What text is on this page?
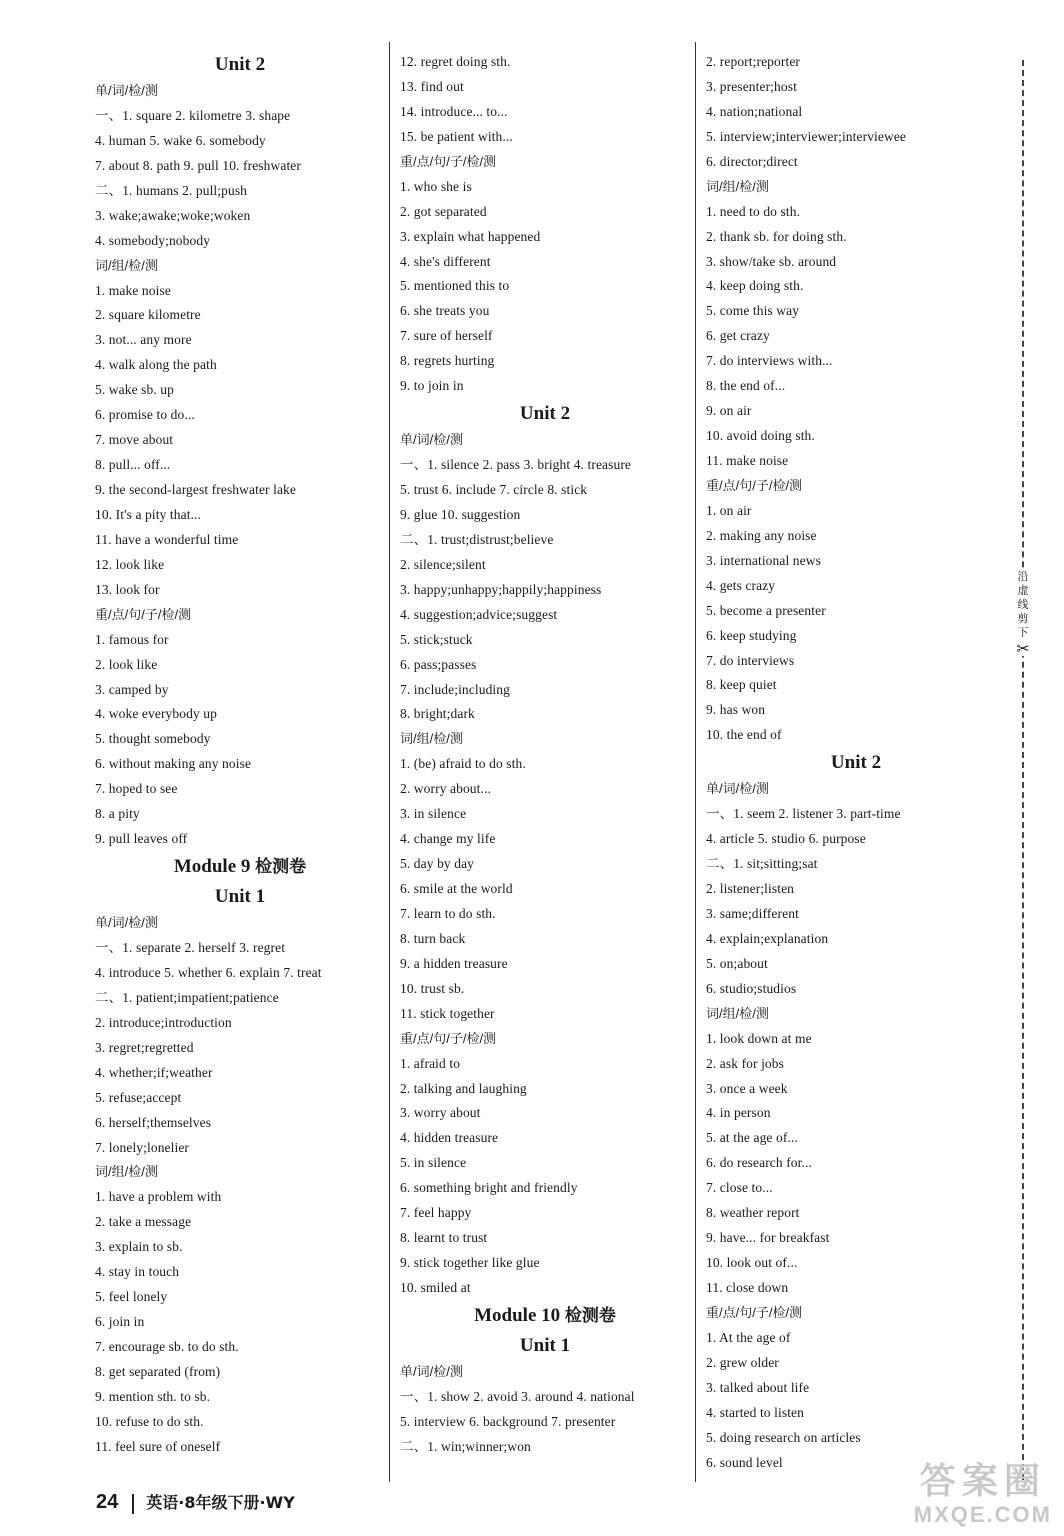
Unit 2
单/词/检/测
一、1. square 2. kilometre 3. shape
4. human 5. wake 6. somebody
7. about 8. path 9. pull 10. freshwater
二、1. humans 2. pull;push
3. wake;awake;woke;woken
4. somebody;nobody
词/组/检/测
1. make noise
2. square kilometre
3. not... any more
4. walk along the path
5. wake sb. up
6. promise to do...
7. move about
8. pull... off...
9. the second-largest freshwater lake
10. It's a pity that...
11. have a wonderful time
12. look like
13. look for
重/点/句/子/检/测
1. famous for
2. look like
3. camped by
4. woke everybody up
5. thought somebody
6. without making any noise
7. hoped to see
8. a pity
9. pull leaves off
Module 9 检测卷
Unit 1
单/词/检/测
一、1. separate 2. herself 3. regret
4. introduce 5. whether 6. explain 7. treat
二、1. patient;impatient;patience
2. introduce;introduction
3. regret;regretted
4. whether;if;weather
5. refuse;accept
6. herself;themselves
7. lonely;lonelier
词/组/检/测
1. have a problem with
2. take a message
3. explain to sb.
4. stay in touch
5. feel lonely
6. join in
7. encourage sb. to do sth.
8. get separated (from)
9. mention sth. to sb.
10. refuse to do sth.
11. feel sure of oneself
12. regret doing sth.
13. find out
14. introduce... to...
15. be patient with...
重/点/句/子/检/测
1. who she is
2. got separated
3. explain what happened
4. she's different
5. mentioned this to
6. she treats you
7. sure of herself
8. regrets hurting
9. to join in
Unit 2
单/词/检/测
一、1. silence 2. pass 3. bright 4. treasure
5. trust 6. include 7. circle 8. stick
9. glue 10. suggestion
二、1. trust;distrust;believe
2. silence;silent
3. happy;unhappy;happily;happiness
4. suggestion;advice;suggest
5. stick;stuck
6. pass;passes
7. include;including
8. bright;dark
词/组/检/测
1. (be) afraid to do sth.
2. worry about...
3. in silence
4. change my life
5. day by day
6. smile at the world
7. learn to do sth.
8. turn back
9. a hidden treasure
10. trust sb.
11. stick together
重/点/句/子/检/测
1. afraid to
2. talking and laughing
3. worry about
4. hidden treasure
5. in silence
6. something bright and friendly
7. feel happy
8. learnt to trust
9. stick together like glue
10. smiled at
Module 10 检测卷
Unit 1
单/词/检/测
一、1. show 2. avoid 3. around 4. national
5. interview 6. background 7. presenter
二、1. win;winner;won
2. report;reporter
3. presenter;host
4. nation;national
5. interview;interviewer;interviewee
6. director;direct
词/组/检/测
1. need to do sth.
2. thank sb. for doing sth.
3. show/take sb. around
4. keep doing sth.
5. come this way
6. get crazy
7. do interviews with...
8. the end of...
9. on air
10. avoid doing sth.
11. make noise
重/点/句/子/检/测
1. on air
2. making any noise
3. international news
4. gets crazy
5. become a presenter
6. keep studying
7. do interviews
8. keep quiet
9. has won
10. the end of
Unit 2
单/词/检/测
一、1. seem 2. listener 3. part-time
4. article 5. studio 6. purpose
二、1. sit;sitting;sat
2. listener;listen
3. same;different
4. explain;explanation
5. on;about
6. studio;studios
词/组/检/测
1. look down at me
2. ask for jobs
3. once a week
4. in person
5. at the age of...
6. do research for...
7. close to...
8. weather report
9. have... for breakfast
10. look out of...
11. close down
重/点/句/子/检/测
1. At the age of
2. grew older
3. talked about life
4. started to listen
5. doing research on articles
6. sound level
沿
虚
线
剪
下
✂
24 英语·8年级下册·WY
答案圈
MXQE.COM
